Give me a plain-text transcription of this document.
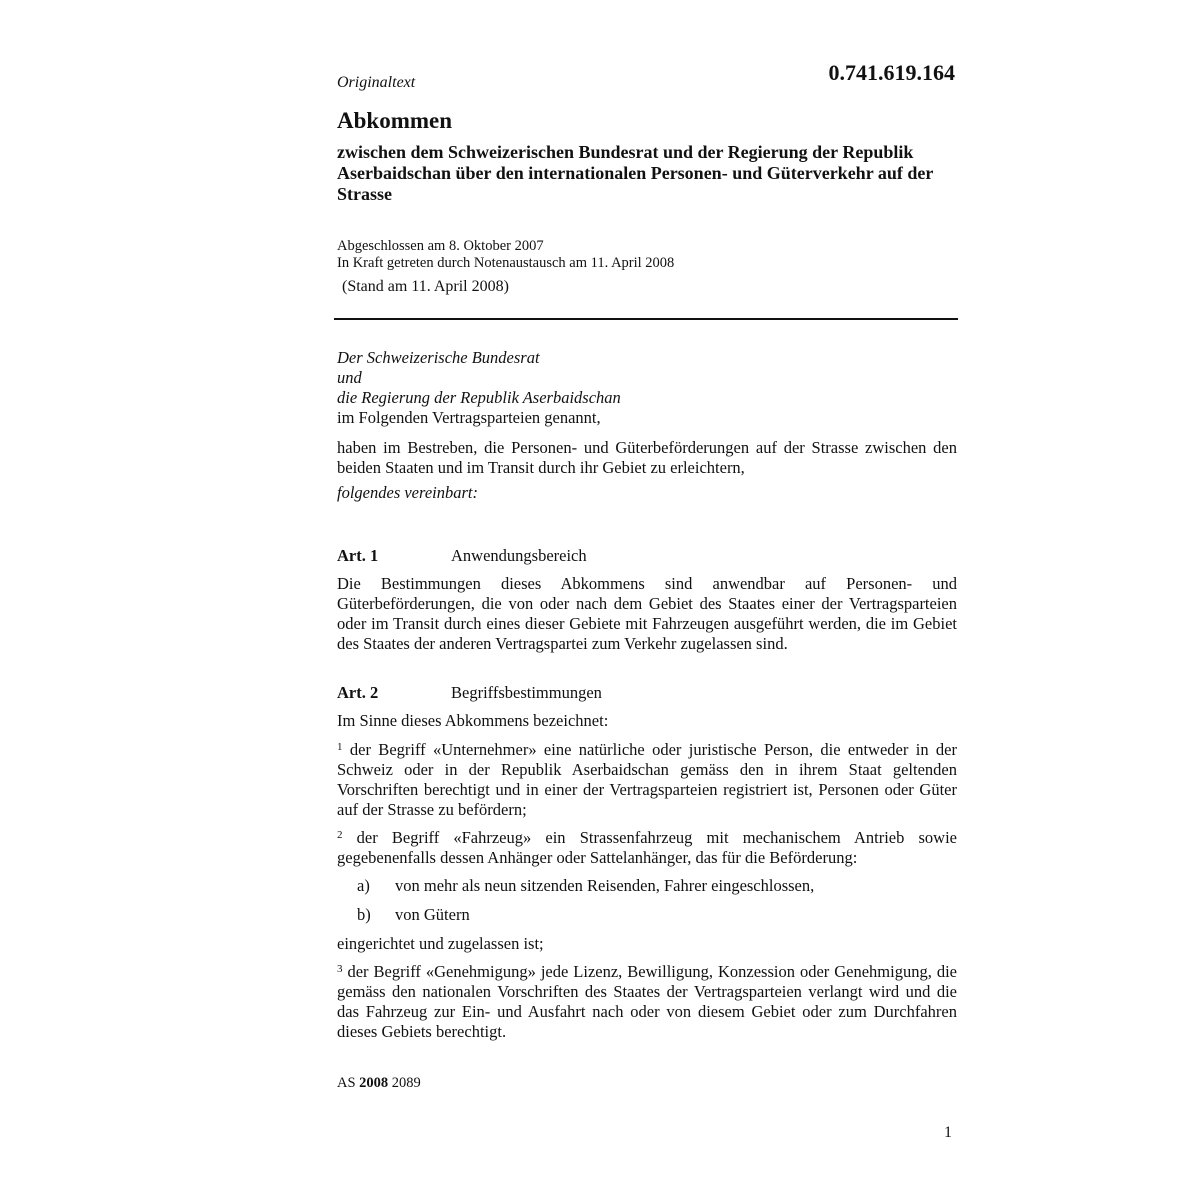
0.741.619.164
Originaltext
Abkommen
zwischen dem Schweizerischen Bundesrat und der Regierung der Republik Aserbaidschan über den internationalen Personen- und Güterverkehr auf der Strasse
Abgeschlossen am 8. Oktober 2007
In Kraft getreten durch Notenaustausch am 11. April 2008
(Stand am 11. April 2008)
Der Schweizerische Bundesrat
und
die Regierung der Republik Aserbaidschan
im Folgenden Vertragsparteien genannt,
haben im Bestreben, die Personen- und Güterbeförderungen auf der Strasse zwischen den beiden Staaten und im Transit durch ihr Gebiet zu erleichtern,
folgendes vereinbart:
Art. 1	Anwendungsbereich
Die Bestimmungen dieses Abkommens sind anwendbar auf Personen- und Güterbeförderungen, die von oder nach dem Gebiet des Staates einer der Vertragsparteien oder im Transit durch eines dieser Gebiete mit Fahrzeugen ausgeführt werden, die im Gebiet des Staates der anderen Vertragspartei zum Verkehr zugelassen sind.
Art. 2	Begriffsbestimmungen
Im Sinne dieses Abkommens bezeichnet:
$^1$ der Begriff «Unternehmer» eine natürliche oder juristische Person, die entweder in der Schweiz oder in der Republik Aserbaidschan gemäss den in ihrem Staat geltenden Vorschriften berechtigt und in einer der Vertragsparteien registriert ist, Personen oder Güter auf der Strasse zu befördern;
$^2$ der Begriff «Fahrzeug» ein Strassenfahrzeug mit mechanischem Antrieb sowie gegebenenfalls dessen Anhänger oder Sattelanhänger, das für die Beförderung:
a) von mehr als neun sitzenden Reisenden, Fahrer eingeschlossen,
b) von Gütern
eingerichtet und zugelassen ist;
$^3$ der Begriff «Genehmigung» jede Lizenz, Bewilligung, Konzession oder Genehmigung, die gemäss den nationalen Vorschriften des Staates der Vertragsparteien verlangt wird und die das Fahrzeug zur Ein- und Ausfahrt nach oder von diesem Gebiet oder zum Durchfahren dieses Gebiets berechtigt.
AS 2008 2089
1
